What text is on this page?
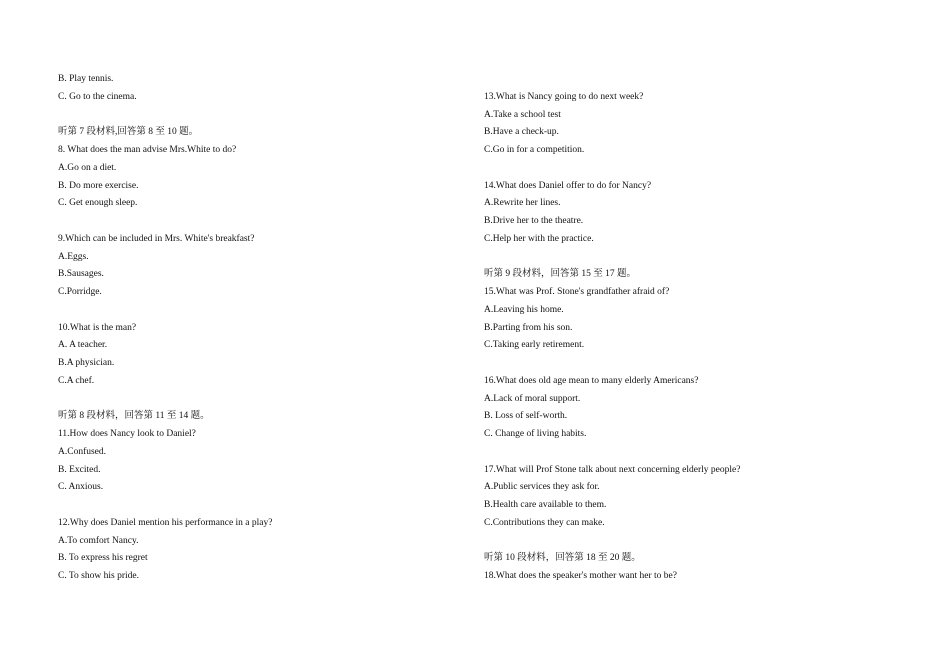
B. Play tennis.
C. Go to the cinema.
听第 7 段材料,回答第 8 至 10 题。
8. What does the man advise Mrs.White to do?
A.Go on a diet.
B. Do more exercise.
C. Get enough sleep.
9.Which can be included in Mrs. White's breakfast?
A.Eggs.
B.Sausages.
C.Porridge.
10.What is the man?
A. A teacher.
B.A physician.
C.A chef.
听第 8 段材料，回答第 11 至 14 题。
11.How does Nancy look to Daniel?
A.Confused.
B. Excited.
C. Anxious.
12.Why does Daniel mention his performance in a play?
A.To comfort Nancy.
B. To express his regret
C. To show his pride.
13.What is Nancy going to do next week?
A.Take a school test
B.Have a check-up.
C.Go in for a competition.
14.What does Daniel offer to do for Nancy?
A.Rewrite her lines.
B.Drive her to the theatre.
C.Help her with the practice.
听第 9 段材料，回答第 15 至 17 题。
15.What was Prof. Stone's grandfather afraid of?
A.Leaving his home.
B.Parting from his son.
C.Taking early retirement.
16.What does old age mean to many elderly Americans?
A.Lack of moral support.
B. Loss of self-worth.
C. Change of living habits.
17.What will Prof Stone talk about next concerning elderly people?
A.Public services they ask for.
B.Health care available to them.
C.Contributions they can make.
听第 10 段材料，回答第 18 至 20 题。
18.What does the speaker's mother want her to be?
